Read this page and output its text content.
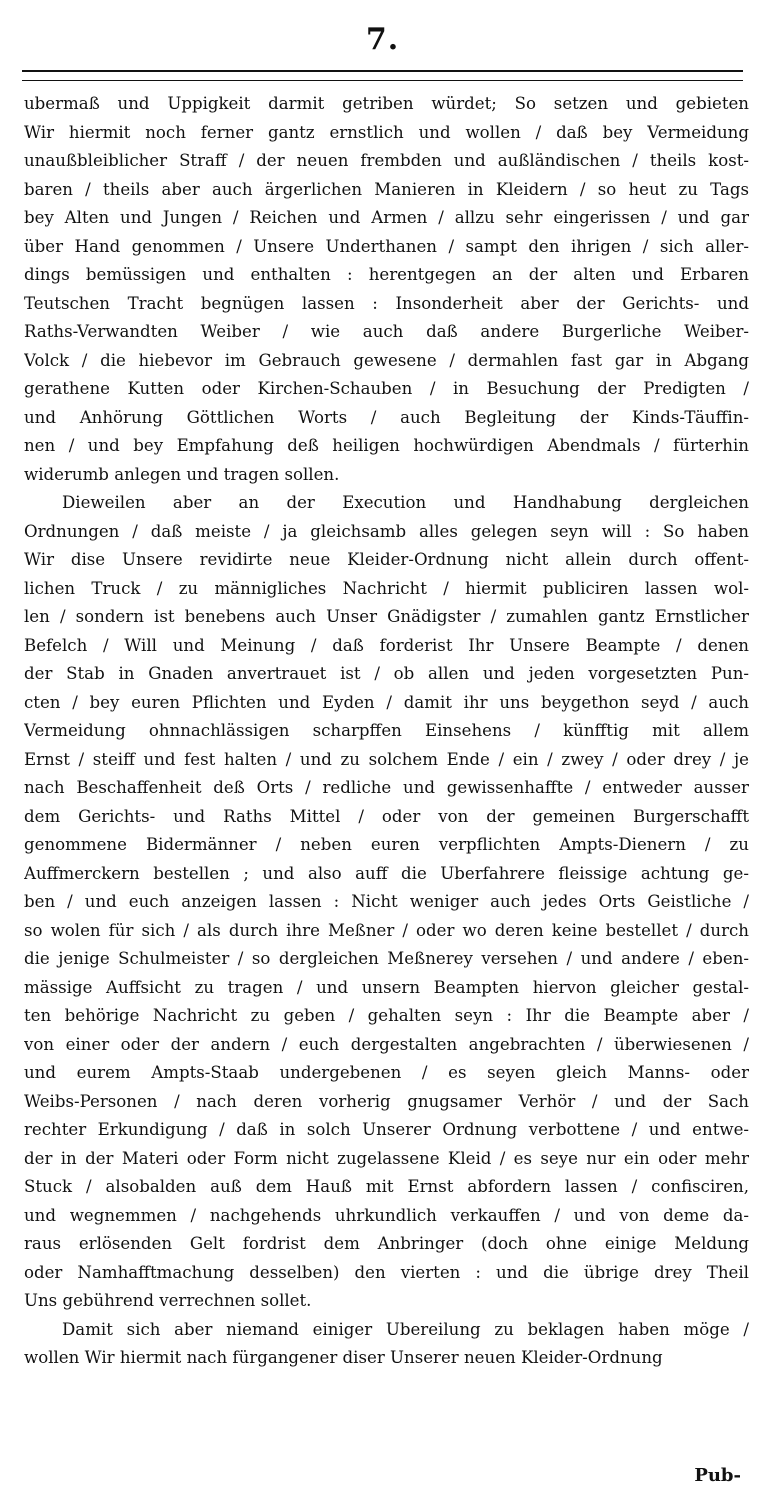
7.
ubermaß und Uppigkeit darmit getriben würdet; So setzen und gebieten
Wir hiermit noch ferner gantz ernstlich und wollen / daß bey Vermeidung
unaußbleiblicher Straff / der neuen frembden und außländischen / theils kost-
baren / theils aber auch ärgerlichen Manieren in Kleidern / so heut zu Tags
bey Alten und Jungen / Reichen und Armen / allzu sehr eingerissen / und gar
über Hand genommen / Unsere Underthanen / sampt den ihrigen / sich aller-
dings bemüssigen und enthalten : herentgegen an der alten und Erbaren
Teutschen Tracht begnügen lassen : Insonderheit aber der Gerichts- und
Raths-Verwandten Weiber / wie auch daß andere Burgerliche Weiber-
Volck / die hiebevor im Gebrauch gewesene / dermahlen fast gar in Abgang
gerathene Kutten oder Kirchen-Schauben / in Besuchung der Predigten /
und Anhörung Göttlichen Worts / auch Begleitung der Kinds-Täuffin-
nen / und bey Empfahung deß heiligen hochwürdigen Abendmals / fürterhin
widerumb anlegen und tragen sollen.
Dieweilen aber an der Execution und Handhabung dergleichen
Ordnungen / daß meiste / ja gleichsamb alles gelegen seyn will : So haben
Wir dise Unsere revidirte neue Kleider-Ordnung nicht allein durch offent-
lichen Truck / zu männigliches Nachricht / hiermit publiciren lassen wol-
len / sondern ist benebens auch Unser Gnädigster / zumahlen gantz Ernstlicher
Befelch / Will und Meinung / daß forderist Ihr Unsere Beampte / denen
der Stab in Gnaden anvertrauet ist / ob allen und jeden vorgesetzten Pun-
cten / bey euren Pflichten und Eyden / damit ihr uns beygethon seyd / auch
Vermeidung ohnnachlässigen scharpffen Einsehens / künfftig mit allem
Ernst / steiff und fest halten / und zu solchem Ende / ein / zwey / oder drey / je
nach Beschaffenheit deß Orts / redliche und gewissenhaffte / entweder ausser
dem Gerichts- und Raths Mittel / oder von der gemeinen Burgerschafft
genommene Bidermänner / neben euren verpflichten Ampts-Dienern / zu
Auffmerckern bestellen ; und also auff die Uberfahrere fleissige achtung ge-
ben / und euch anzeigen lassen : Nicht weniger auch jedes Orts Geistliche /
so wolen für sich / als durch ihre Meßner / oder wo deren keine bestellet / durch
die jenige Schulmeister / so dergleichen Meßnerey versehen / und andere / eben-
mässige Auffsicht zu tragen / und unsern Beampten hiervon gleicher gestal-
ten behörige Nachricht zu geben / gehalten seyn : Ihr die Beampte aber /
von einer oder der andern / euch dergestalten angebrachten / überwiesenen /
und eurem Ampts-Staab undergebenen / es seyen gleich Manns- oder
Weibs-Personen / nach deren vorherig gnugsamer Verhör / und der Sach
rechter Erkundigung / daß in solch Unserer Ordnung verbottene / und entwe-
der in der Materi oder Form nicht zugelassene Kleid / es seye nur ein oder mehr
Stuck / alsobalden auß dem Hauß mit Ernst abfordern lassen / confisciren,
und wegnemmen / nachgehends uhrkundlich verkauffen / und von deme da-
raus erlösenden Gelt fordrist dem Anbringer (doch ohne einige Meldung
oder Namhafftmachung desselben) den vierten : und die übrige drey Theil
Uns gebührend verrechnen sollet.
Damit sich aber niemand einiger Ubereilung zu beklagen haben möge /
wollen Wir hiermit nach fürgangener diser Unserer neuen Kleider-Ordnung
Pub-
